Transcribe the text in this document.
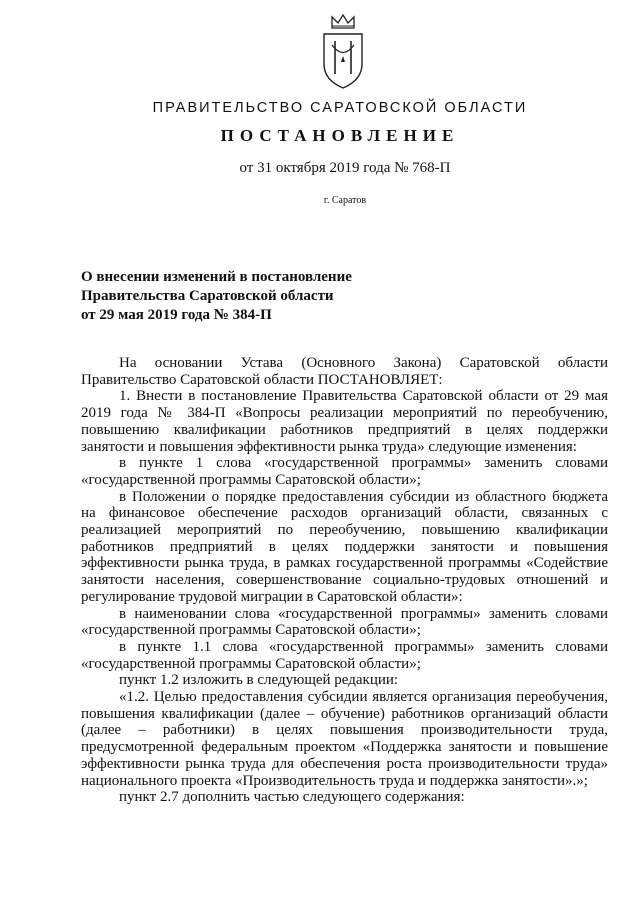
ПРАВИТЕЛЬСТВО САРАТОВСКОЙ ОБЛАСТИ
ПОСТАНОВЛЕНИЕ
от 31 октября 2019 года № 768-П
г. Саратов
О внесении изменений в постановление
Правительства Саратовской области
от 29 мая 2019 года № 384-П

На основании Устава (Основного Закона) Саратовской области Правительство Саратовской области ПОСТАНОВЛЯЕТ:

1. Внести в постановление Правительства Саратовской области от 29 мая 2019 года № 384-П «Вопросы реализации мероприятий по переобучению, повышению квалификации работников предприятий в целях поддержки занятости и повышения эффективности рынка труда» следующие изменения:

в пункте 1 слова «государственной программы» заменить словами «государственной программы Саратовской области»;

в Положении о порядке предоставления субсидии из областного бюджета на финансовое обеспечение расходов организаций области, связанных с реализацией мероприятий по переобучению, повышению квалификации работников предприятий в целях поддержки занятости и повышения эффективности рынка труда, в рамках государственной программы «Содействие занятости населения, совершенствование социально-трудовых отношений и регулирование трудовой миграции в Саратовской области»:

в наименовании слова «государственной программы» заменить словами «государственной программы Саратовской области»;

в пункте 1.1 слова «государственной программы» заменить словами «государственной программы Саратовской области»;

пункт 1.2 изложить в следующей редакции:

«1.2. Целью предоставления субсидии является организация переобучения, повышения квалификации (далее – обучение) работников организаций области (далее – работники) в целях повышения производительности труда, предусмотренной федеральным проектом «Поддержка занятости и повышение эффективности рынка труда для обеспечения роста производительности труда» национального проекта «Производительность труда и поддержка занятости».»;

пункт 2.7 дополнить частью следующего содержания:
